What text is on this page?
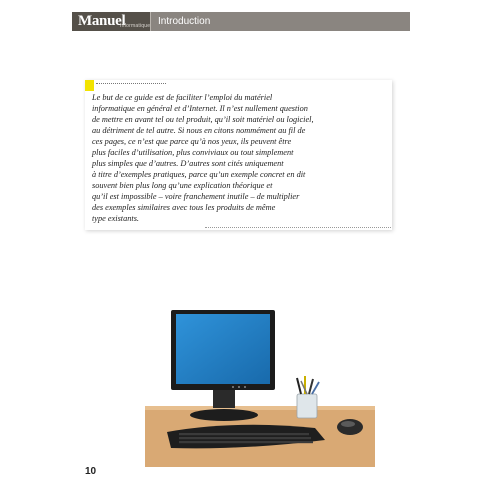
Manuel
Informatique Introduction

Le but de ce guide est de faciliter l’emploi du matériel
informatique en général et d’Internet. Il n’est nullement question
de mettre en avant tel ou tel produit, qu’il soit matériel ou logiciel,
au détriment de tel autre. Si nous en citons nommément au fil de
ces pages, ce n’est que parce qu’à nos yeux, ils peuvent être
plus faciles d’utilisation, plus conviviaux ou tout simplement
plus simples que d’autres. D’autres sont cités uniquement
à titre d’exemples pratiques, parce qu’un exemple concret en dit
souvent bien plus long qu’une explication théorique et
qu’il est impossible – voire franchement inutile – de multiplier
des exemples similaires avec tous les produits de même
type existants.

10
